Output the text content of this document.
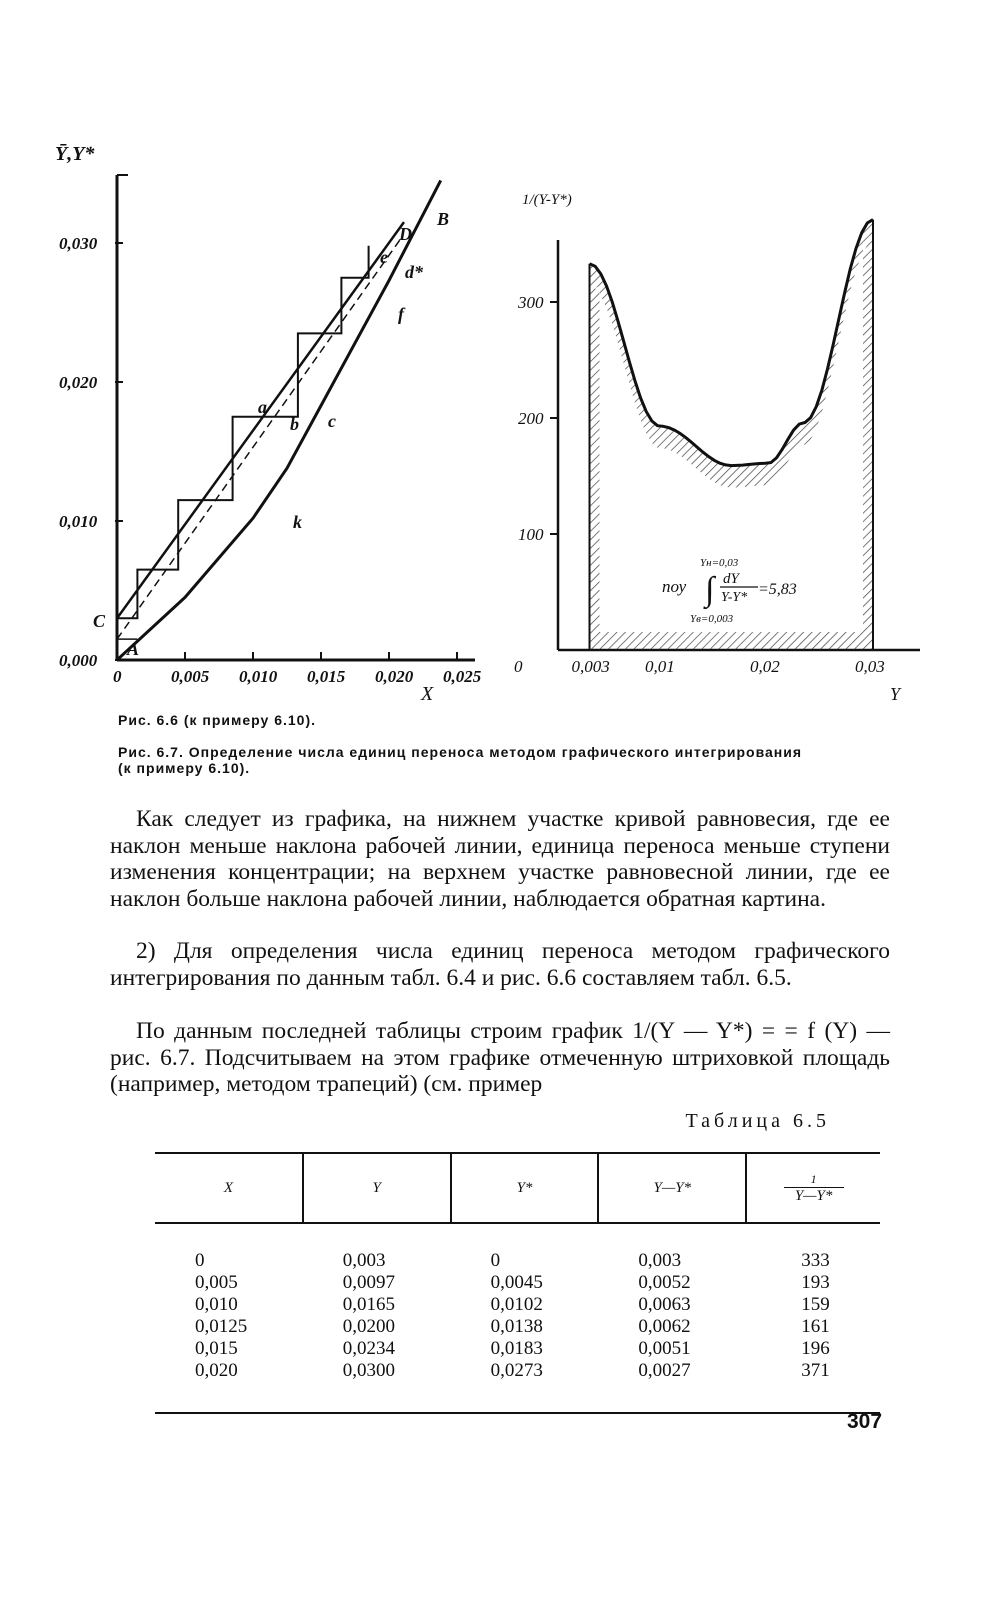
0,000
0,010
0,020
0,030
0	0,005 0,010 0,015 0,020 0,025
Ȳ,Y*
X
C
A
a
b c
D
B
e
d*
f
k
100
200
300
0	0,003 0,01	0,02	0,03
1/(Y-Y*)
Y
Yн=0,03
nоу ∫ dY
Y-Y* =5,83
Yв=0,003
Рис. 6.6 (к примеру 6.10).
Рис. 6.7. Определение числа единиц переноса методом графического интегрирования
(к примеру 6.10).
Как следует из графика, на нижнем участке кривой равновесия, где ее наклон меньше наклона рабочей линии, единица переноса меньше ступени изменения концентрации; на верхнем участке равновесной линии, где ее наклон больше наклона рабочей линии, наблюдается обратная картина.
2) Для определения числа единиц переноса методом графического интегрирования по данным табл. 6.4 и рис. 6.6 составляем табл. 6.5.
По данным последней таблицы строим график 1/(Y — Y*) = = f (Y) — рис. 6.7. Подсчитываем на этом графике отмеченную штриховкой площадь (например, методом трапеций) (см. пример
Таблица 6.5
X	Y	Y*	Y—Y*	1
Y—Y*

0	0,003	0	0,003	333
0,005	0,0097	0,0045	0,0052	193
0,010	0,0165	0,0102	0,0063	159
0,0125	0,0200	0,0138	0,0062	161
0,015	0,0234	0,0183	0,0051	196
0,020	0,0300	0,0273	0,0027	371
307
